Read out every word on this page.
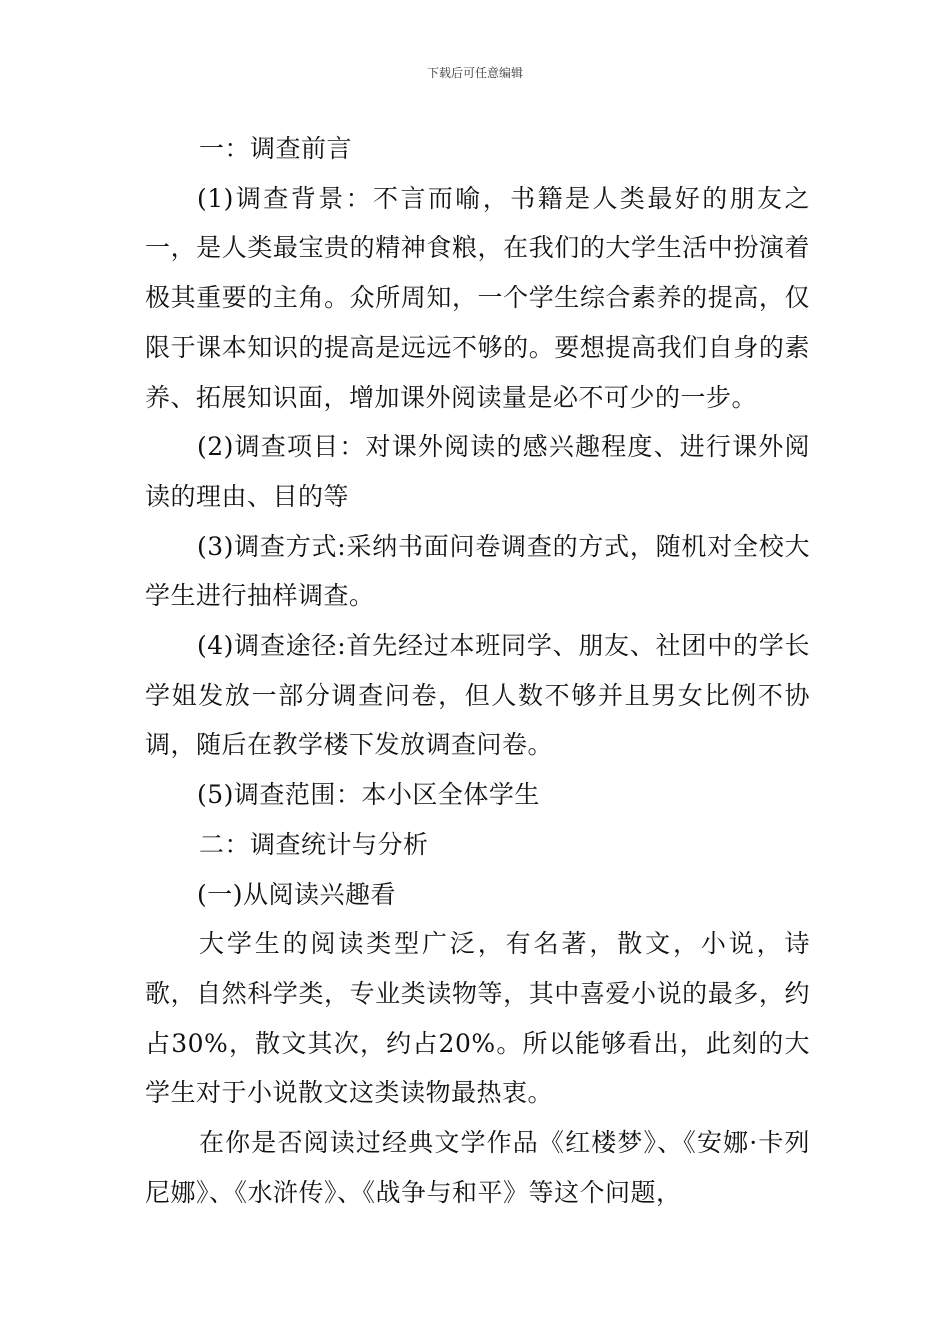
下载后可任意编辑

一：调查前言

(1)调查背景：不言而喻，书籍是人类最好的朋友之一，是人类最宝贵的精神食粮，在我们的大学生活中扮演着极其重要的主角。众所周知，一个学生综合素养的提高，仅限于课本知识的提高是远远不够的。要想提高我们自身的素养、拓展知识面，增加课外阅读量是必不可少的一步。

(2)调查项目：对课外阅读的感兴趣程度、进行课外阅读的理由、目的等

(3)调查方式:采纳书面问卷调查的方式，随机对全校大学生进行抽样调查。

(4)调查途径:首先经过本班同学、朋友、社团中的学长学姐发放一部分调查问卷，但人数不够并且男女比例不协调，随后在教学楼下发放调查问卷。

(5)调查范围：本小区全体学生

二：调查统计与分析

(一)从阅读兴趣看

大学生的阅读类型广泛，有名著，散文，小说，诗歌，自然科学类，专业类读物等，其中喜爱小说的最多，约占30%，散文其次，约占20%。所以能够看出，此刻的大学生对于小说散文这类读物最热衷。

在你是否阅读过经典文学作品《红楼梦》、《安娜·卡列尼娜》、《水浒传》、《战争与和平》等这个问题，
